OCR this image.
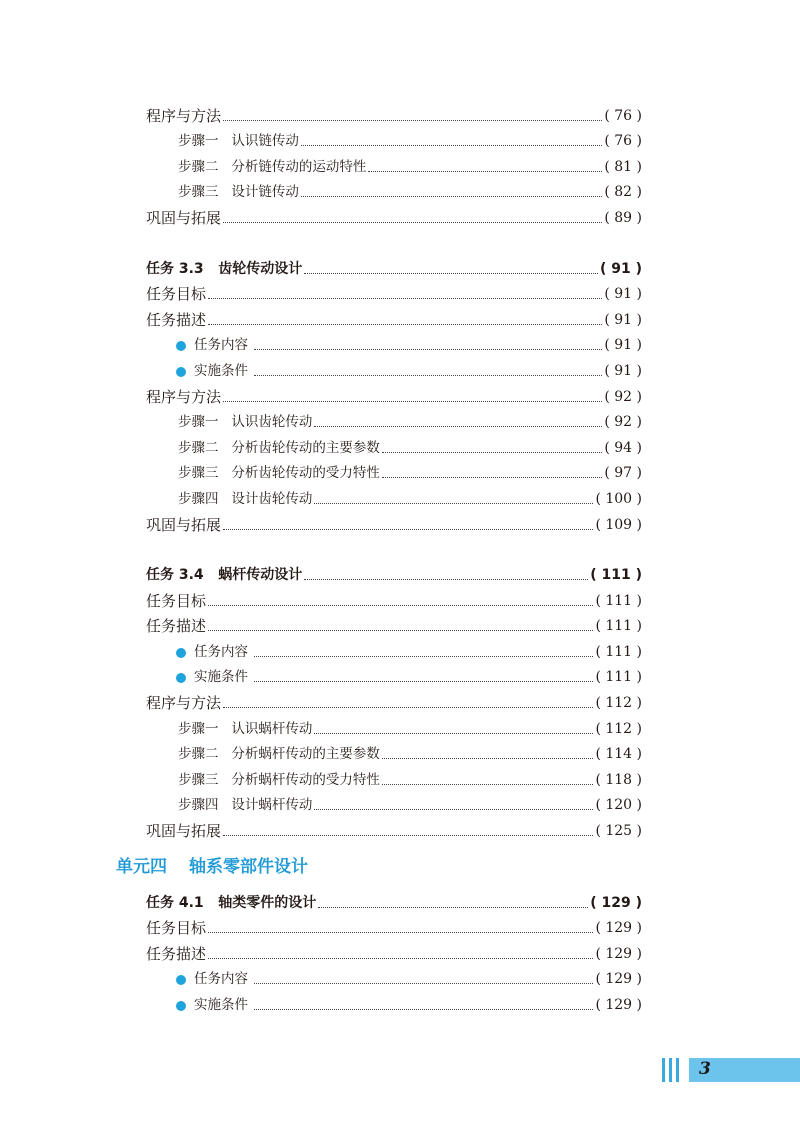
程序与方法	( 76 )
步骤一   认识链传动	( 76 )
步骤二   分析链传动的运动特性	( 81 )
步骤三   设计链传动	( 82 )
巩固与拓展	( 89 )
任务 3.3   齿轮传动设计	( 91 )
任务目标	( 91 )
任务描述	( 91 )
任务内容	( 91 )
实施条件	( 91 )
程序与方法	( 92 )
步骤一   认识齿轮传动	( 92 )
步骤二   分析齿轮传动的主要参数	( 94 )
步骤三   分析齿轮传动的受力特性	( 97 )
步骤四   设计齿轮传动	( 100 )
巩固与拓展	( 109 )
任务 3.4   蜗杆传动设计	( 111 )
任务目标	( 111 )
任务描述	( 111 )
任务内容	( 111 )
实施条件	( 111 )
程序与方法	( 112 )
步骤一   认识蜗杆传动	( 112 )
步骤二   分析蜗杆传动的主要参数	( 114 )
步骤三   分析蜗杆传动的受力特性	( 118 )
步骤四   设计蜗杆传动	( 120 )
巩固与拓展	( 125 )
单元四 轴系零部件设计
任务 4.1   轴类零件的设计	( 129 )
任务目标	( 129 )
任务描述	( 129 )
任务内容	( 129 )
实施条件	( 129 )
3
